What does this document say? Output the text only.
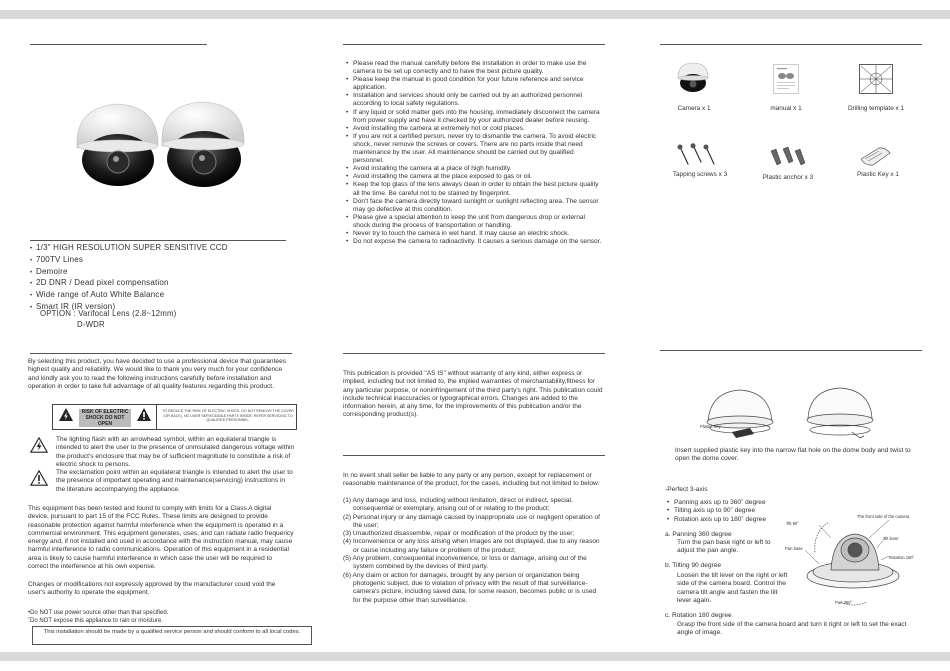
• 1/3" HIGH RESOLUTION SUPER SENSITIVE CCD
• 700TV Lines
• Demoire
• 2D DNR / Dead pixel compensation
• Wide range of Auto White Balance
• Smart IR (IR version)
OPTION : Varifocal Lens (2.8~12mm)
D-WDR
By selecting this product, you have decided to use a professional device that guarantees highest quality and reliability. We would like to thank you very much for your confidence and kindly ask you to read the following instructions carefully before installation and operation in order to take full advantage of all quality features regarding this product.
RISK OF ELECTRIC SHOCK DO NOT OPEN
TO REDUCE THE RISK OF ELECTRIC SHOCK, DO NOT REMOVE THE COVER (OR BACK). NO USER SERVICEABLE PARTS INSIDE. REFER SERVICING TO QUALIFIED PERSONNEL.
The lighting flash with an arrowhead symbol, within an equilateral triangle is intended to alert the user to the presence of unmsulated dangerous voltage within the product's enclosure that may be of sufficient magnitude to constitute a risk of electric shock to persons.
The exclamation point within an equilateral triangle is intended to alert the user to the presence of important operating and maintenance(servicing) instructions in the literature accompanying the appliance.
This equipment has been tested and found to comply with limits for a Class A digital device, pursuant to part 15 of the FCC Rules. These limits are designed to provide reasonable protection against harmful interference when the equipment is operated in a commercial environment. This equipment generates, uses, and can radiate radio frequency energy and, if not installed and used in accordance with the instruction manual, may cause harmful interference to radio communications. Operation of this equipment in a residential area is likely to cause harmful interference in which case the user will be required to correct the interference at his own expense.
Changes or modifications not expressly approved by the manufacturer could void the user's authority to operate the equipment.
•Do NOT use power source other than that specified.
˚Do NOT expose this appliance to rain or moisture.
This installation should be made by a qualified service person and should conform to all local codes.
• Please read the manual carefully before the installation in order to make use the camera to be set up correctly and to have the best picture quality.
• Please keep the manual in good condition for your future reference and service application.
• Installation and services should only be carried out by an authorized personnel according to local safety regulations.
• If any liquid or solid matter gets into the housing, immediately disconnect the camera from power supply and have it checked by your authorized dealer before reusing.
• Avoid installing the camera at extremely hot or cold places.
• If you are not a certified person, never try to dismantle the camera. To avoid electric shock, never remove the screws or covers. There are no parts inside that need maintenance by the user. All maintenance should be carried out by qualified personnel.
• Avoid installing the camera at a place of high humidity.
• Avoid installing the camera at the place exposed to gas or oil.
• Keep the top glass of the lens always clean in order to obtain the best picture quality all the time. Be careful not to be stained by fingerprint.
• Don't face the camera directly toward sunlight or sunlight reflecting area. The sensor may go defective at this condition.
• Please give a special attention to keep the unit from dangerous drop or external shock during the process of transportation or handling.
• Never try to touch the camera in wet hand. It may cause an electric shock.
• Do not expose the camera to radioactivity. It causes a serious damage on the sensor.
This publication is provided "AS IS" without warranty of any kind, either express or implied, including but not limited to, the implied warranties of merchantability,fitness for any particular purpose, or noninfringement of the third party's right. This publication could include technical inaccuracies or typographical errors. Changes are added to the information herein, at any time, for the improvements of this publication and/or the corresponding product(s).
In no event shall seller be liable to any party or any person, except for replacement or reasonable maintenance of the product, for the cases, including but not limited to below:
(1) Any damage and loss, including without limitation, direct or indirect, special, consequential or exemplary, arising out of or relating to the product;
(2) Personal injury or any damage caused by inappropriate use or negligent operation of the user;
(3) Unauthorized disassemble, repair or modification of the product by the user;
(4) Inconvenience or any loss arising when images are not displayed, due to any reason or cause including any failure or problem of the product;
(5) Any problem, consequential inconvenience, or loss or damage, arising out of the system combined by the devices of third party.
(6) Any claim or action for damages, brought by any person or organization being photogenic subject, due to violation of privacy with the result of that surveillance-camera's picture, including saved data, for some reason, becomes public or is used for the purpose other than surveillance.
Camera x 1	manual x 1	Drilling template x 1
Tapping screws x 3	Plastic anchor x 3	Plastic Key x 1
Plastic Key
Insert supplied plastic key into the narrow flat hole on the dome body and twist to open the dome cover.
-Perfect 3-axis
• Panning axis up to 360˚ degree
• Tilting axis up to 90˚ degree
• Rotation axis up to 180˚ degree
Tilt 90˚
The front side of the camera
Tilt lever
Pan base
Rotation 180˚
Pan 360˚
a. Panning 360 degree
Turn the pan base right or left to adjust the pan angle.
b. Tilting 90 degree
Loosen the tilt lever on the right or left side of the camera board. Control the camera tilt angle and fasten the tilt lever again.
c. Rotation 180 degree
Grasp the front side of the camera board and turn it right or left to set the exact angle of image.
